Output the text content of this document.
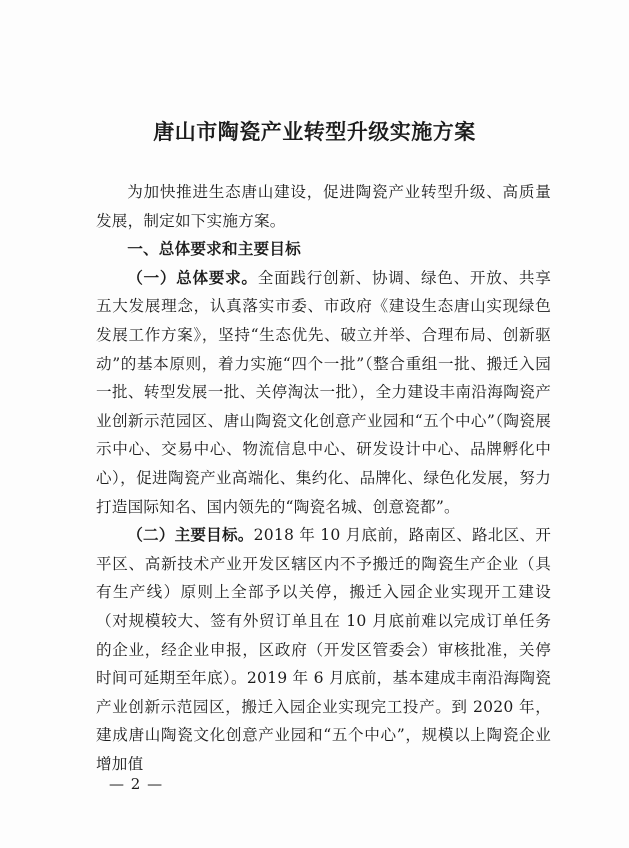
唐山市陶瓷产业转型升级实施方案

为加快推进生态唐山建设，促进陶瓷产业转型升级、高质量发展，制定如下实施方案。

一、总体要求和主要目标

（一）总体要求。全面践行创新、协调、绿色、开放、共享五大发展理念，认真落实市委、市政府《建设生态唐山实现绿色发展工作方案》，坚持“生态优先、破立并举、合理布局、创新驱动”的基本原则，着力实施“四个一批”（整合重组一批、搬迁入园一批、转型发展一批、关停淘汰一批），全力建设丰南沿海陶瓷产业创新示范园区、唐山陶瓷文化创意产业园和“五个中心”（陶瓷展示中心、交易中心、物流信息中心、研发设计中心、品牌孵化中心），促进陶瓷产业高端化、集约化、品牌化、绿色化发展，努力打造国际知名、国内领先的“陶瓷名城、创意瓷都”。

（二）主要目标。2018 年 10 月底前，路南区、路北区、开平区、高新技术产业开发区辖区内不予搬迁的陶瓷生产企业（具有生产线）原则上全部予以关停，搬迁入园企业实现开工建设（对规模较大、签有外贸订单且在 10 月底前难以完成订单任务的企业，经企业申报，区政府（开发区管委会）审核批准，关停时间可延期至年底）。2019 年 6 月底前，基本建成丰南沿海陶瓷产业创新示范园区，搬迁入园企业实现完工投产。到 2020 年，建成唐山陶瓷文化创意产业园和“五个中心”，规模以上陶瓷企业增加值

— 2 —
